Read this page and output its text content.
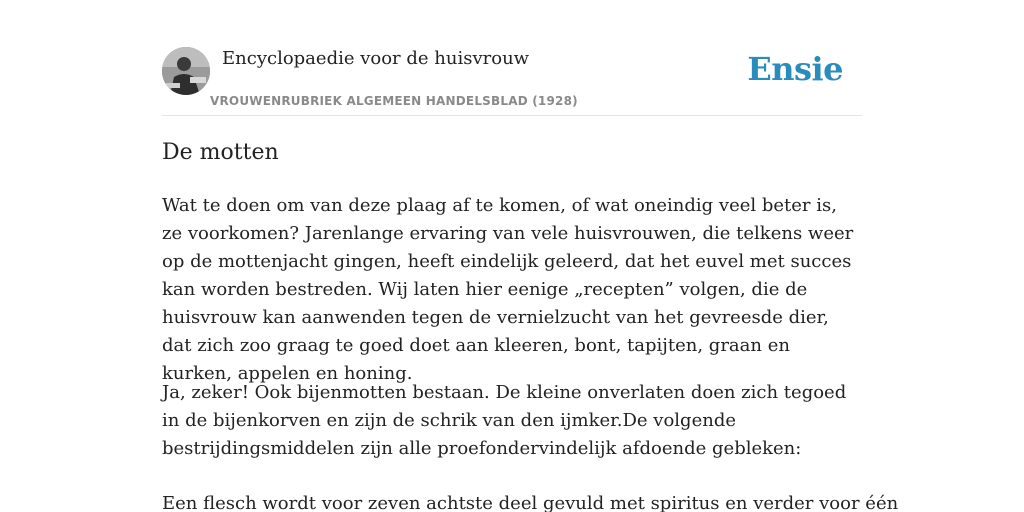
Encyclopaedie voor de huisvrouw
VROUWENRUBRIEK ALGEMEEN HANDELSBLAD (1928)
Ensie
De motten

Wat te doen om van deze plaag af te komen, of wat oneindig veel beter is, ze voorkomen? Jarenlange ervaring van vele huisvrouwen, die telkens weer op de mottenjacht gingen, heeft eindelijk geleerd, dat het euvel met succes kan worden bestreden. Wij laten hier eenige „recepten” volgen, die de huisvrouw kan aanwenden tegen de vernielzucht van het gevreesde dier, dat zich zoo graag te goed doet aan kleeren, bont, tapijten, graan en kurken, appelen en honing.

Ja, zeker! Ook bijenmotten bestaan. De kleine onverlaten doen zich tegoed in de bijenkorven en zijn de schrik van den ijmker.De volgende bestrijdingsmiddelen zijn alle proefondervindelijk afdoende gebleken:

Een flesch wordt voor zeven achtste deel gevuld met spiritus en verder voor één
